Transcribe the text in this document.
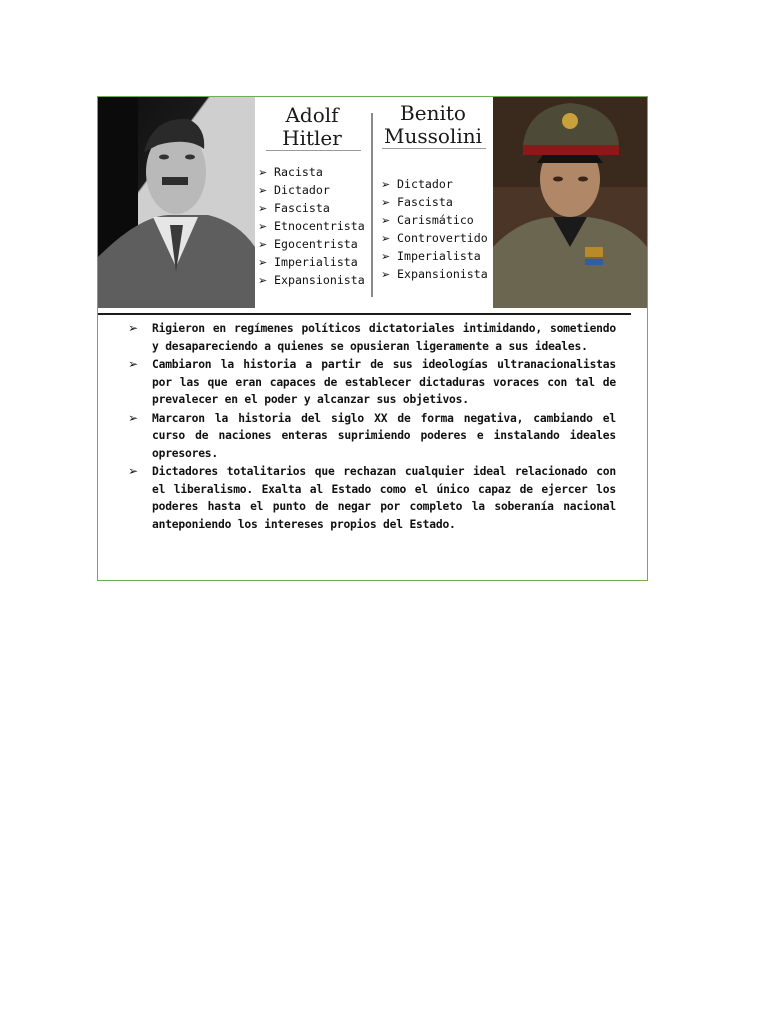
Adolf
Hitler
Benito
Mussolini
➢ Racista
➢ Dictador
➢ Fascista
➢ Etnocentrista
➢ Egocentrista
➢ Imperialista
➢ Expansionista
➢ Dictador
➢ Fascista
➢ Carismático
➢ Controvertido
➢ Imperialista
➢ Expansionista
➢ Rigieron en regímenes políticos dictatoriales intimidando, sometiendo y desapareciendo a quienes se opusieran ligeramente a sus ideales.
➢ Cambiaron la historia a partir de sus ideologías ultranacionalistas por las que eran capaces de establecer dictaduras voraces con tal de prevalecer en el poder y alcanzar sus objetivos.
➢ Marcaron la historia del siglo XX de forma negativa, cambiando el curso de naciones enteras suprimiendo poderes e instalando ideales opresores.
➢ Dictadores totalitarios que rechazan cualquier ideal relacionado con el liberalismo. Exalta al Estado como el único capaz de ejercer los poderes hasta el punto de negar por completo la soberanía nacional anteponiendo los intereses propios del Estado.
